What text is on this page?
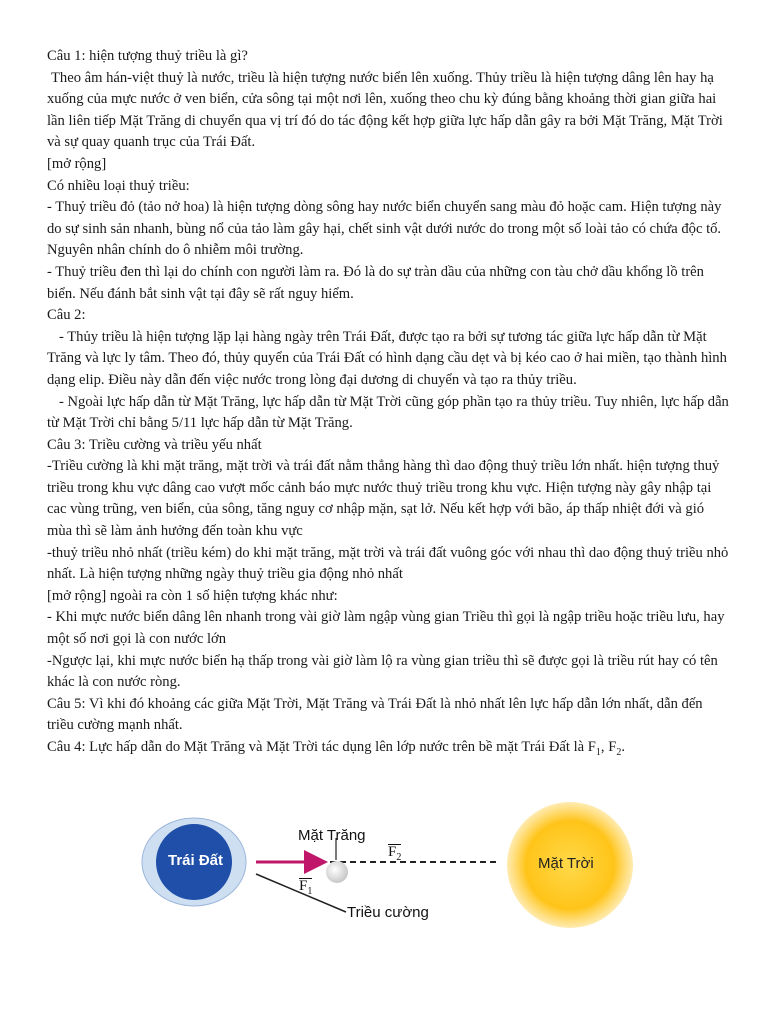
Câu 1: hiện tượng thuỷ triều là gì?

Theo âm hán-việt thuỷ là nước, triều là hiện tượng nước biển lên xuống. Thủy triều là hiện tượng dâng lên hay hạ xuống của mực nước ở ven biển, cửa sông tại một nơi lên, xuống theo chu kỳ đúng bằng khoảng thời gian giữa hai lần liên tiếp Mặt Trăng di chuyển qua vị trí đó do tác động kết hợp giữa lực hấp dẫn gây ra bởi Mặt Trăng, Mặt Trời và sự quay quanh trục của Trái Đất.

[mở rộng]

Có nhiều loại thuỷ triều:

- Thuỷ triều đỏ (tảo nở hoa) là hiện tượng dòng sông hay nước biển chuyển sang màu đỏ hoặc cam. Hiện tượng này do sự sinh sản nhanh, bùng nổ của tảo làm gây hại, chết sinh vật dưới nước do trong một số loài tảo có chứa độc tố. Nguyên nhân chính do ô nhiễm môi trường.

- Thuỷ triều đen thì lại do chính con người làm ra. Đó là do sự tràn dầu của những con tàu chở dầu khổng lồ trên biển. Nếu đánh bắt sinh vật tại đây sẽ rất nguy hiểm.

Câu 2:

- Thủy triều là hiện tượng lặp lại hàng ngày trên Trái Đất, được tạo ra bởi sự tương tác giữa lực hấp dẫn từ Mặt Trăng và lực ly tâm. Theo đó, thủy quyển của Trái Đất có hình dạng cầu dẹt và bị kéo cao ở hai miền, tạo thành hình dạng elip. Điều này dẫn đến việc nước trong lòng đại dương di chuyển và tạo ra thủy triều.

- Ngoài lực hấp dẫn từ Mặt Trăng, lực hấp dẫn từ Mặt Trời cũng góp phần tạo ra thủy triều. Tuy nhiên, lực hấp dẫn từ Mặt Trời chỉ bằng 5/11 lực hấp dẫn từ Mặt Trăng.

Câu 3: Triều cường và triều yếu nhất

-Triều cường là khi mặt trăng, mặt trời và trái đất nằm thẳng hàng thì dao động thuỷ triều lớn nhất. hiện tượng thuỷ triều trong khu vực dâng cao vượt mốc cảnh báo mực nước thuỷ triều trong khu vực. Hiện tượng này gây nhập tại cac vùng trũng, ven biển, của sông, tăng nguy cơ nhập mặn, sạt lở. Nếu kết hợp với bão, áp thấp nhiệt đới và gió mùa thì sẽ làm ảnh hưởng đến toàn khu vực

-thuỷ triều nhỏ nhất (triều kém) do khi mặt trăng, mặt trời và trái đất vuông góc với nhau thì dao động thuỷ triều nhỏ nhất. Là hiện tượng những ngày thuỷ triều gia động nhỏ nhất

[mở rộng] ngoài ra còn 1 số hiện tượng khác như:

- Khi mực nước biển dâng lên nhanh trong vài giờ làm ngập vùng gian Triều thì gọi là ngập triều hoặc triều lưu, hay một số nơi gọi là con nước lớn

-Ngược lại, khi mực nước biển hạ thấp trong vài giờ làm lộ ra vùng gian triều thì sẽ được gọi là triều rút hay có tên khác là con nước ròng.

Câu 5: Vì khi đó khoảng các giữa Mặt Trời, Mặt Trăng và Trái Đất là nhỏ nhất lên lực hấp dẫn lớn nhất, dẫn đến triều cường mạnh nhất.

Câu 4: Lực hấp dẫn do Mặt Trăng và Mặt Trời tác dụng lên lớp nước trên bề mặt Trái Đất là $F_1$, $F_2$.

Trái Đất
Mặt Trăng
Mặt Trời
Triều cường
$F_2$
$F_1$
